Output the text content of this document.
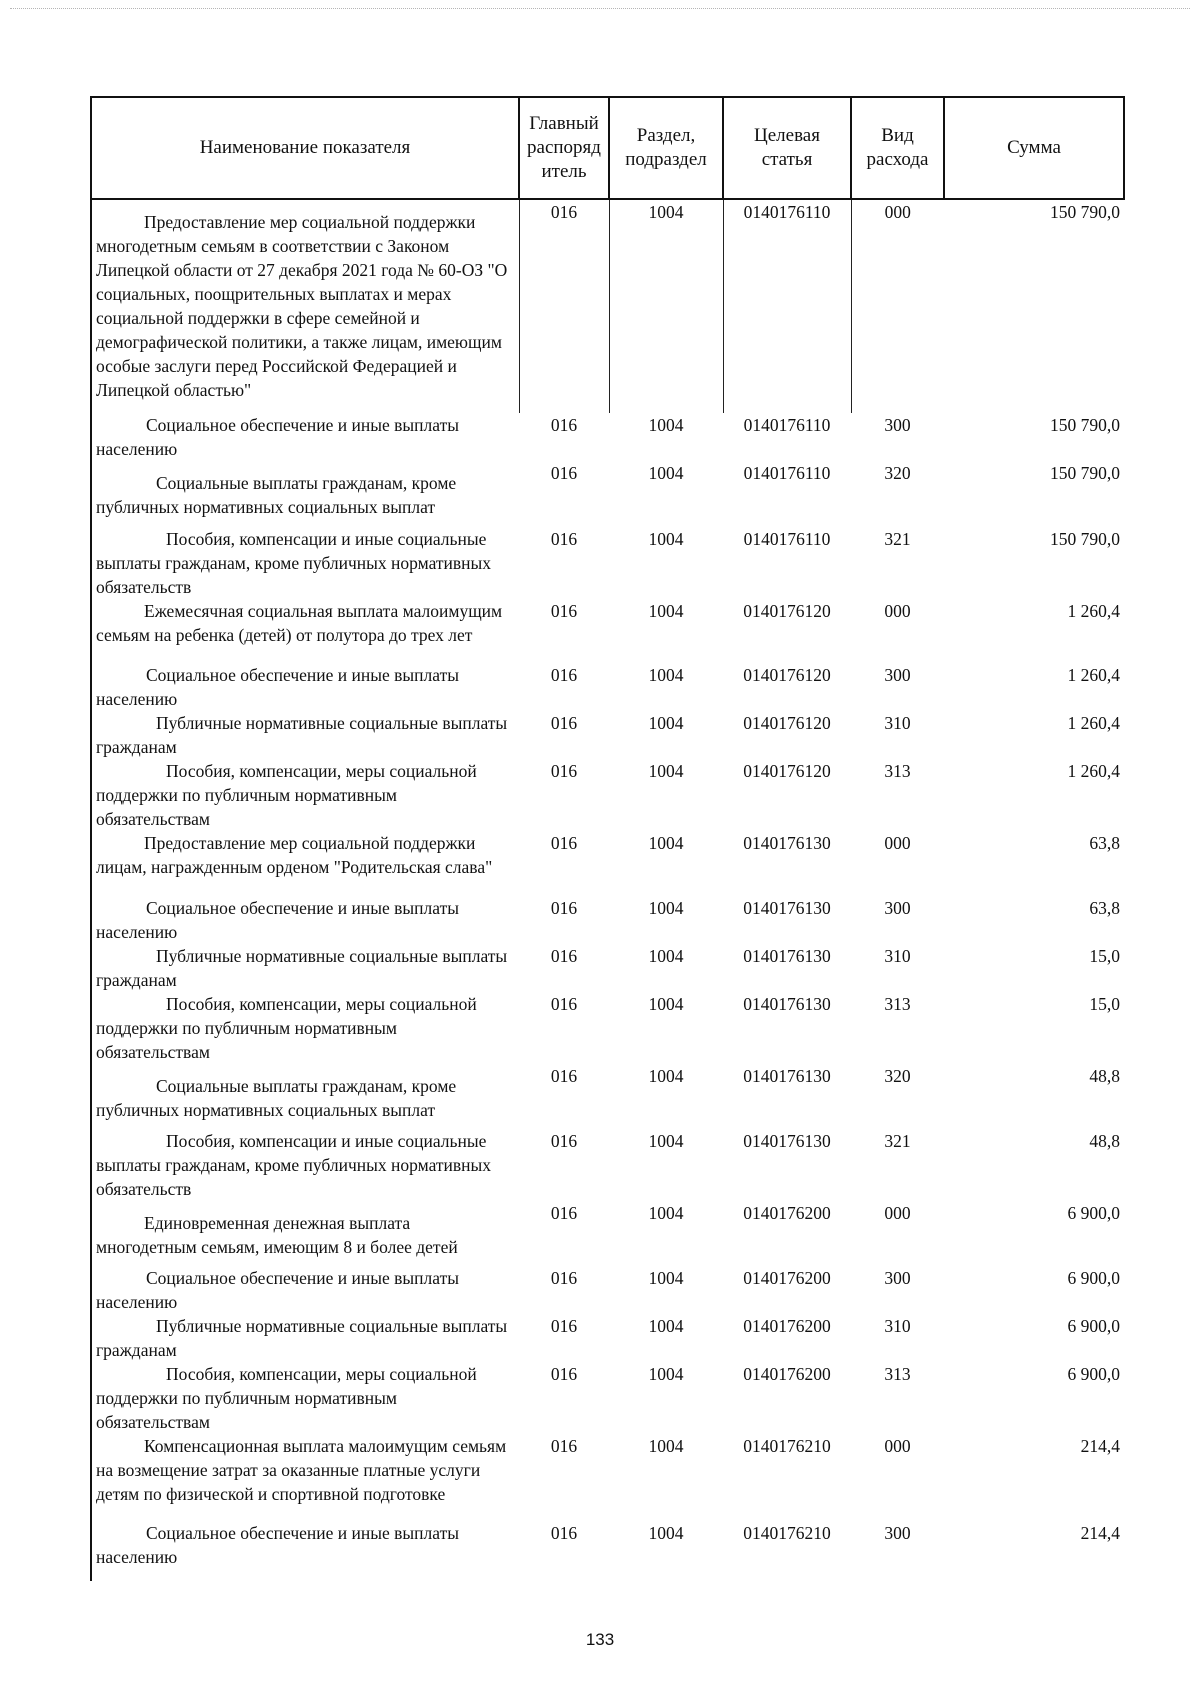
Наименование показателя	Главный распоряд итель	Раздел, подраздел	Целевая статья	Вид расхода	Сумма

Предоставление мер социальной поддержки многодетным семьям в соответствии с Законом Липецкой области от 27 декабря 2021 года № 60-ОЗ "О социальных, поощрительных выплатах и мерах социальной поддержки в сфере семейной и демографической политики, а также лицам, имеющим особые заслуги перед Российской Федерацией и Липецкой областью"	016	1004	0140176110	000	150 790,0

Социальное обеспечение и иные выплаты населению	016	1004	0140176110	300	150 790,0

Социальные выплаты гражданам, кроме публичных нормативных социальных выплат	016	1004	0140176110	320	150 790,0

Пособия, компенсации и иные социальные выплаты гражданам, кроме публичных нормативных обязательств	016	1004	0140176110	321	150 790,0

Ежемесячная социальная выплата малоимущим семьям на ребенка (детей) от полутора до трех лет	016	1004	0140176120	000	1 260,4

Социальное обеспечение и иные выплаты населению	016	1004	0140176120	300	1 260,4

Публичные нормативные социальные выплаты гражданам	016	1004	0140176120	310	1 260,4

Пособия, компенсации, меры социальной поддержки по публичным нормативным обязательствам	016	1004	0140176120	313	1 260,4

Предоставление мер социальной поддержки лицам, награжденным орденом "Родительская слава"	016	1004	0140176130	000	63,8

Социальное обеспечение и иные выплаты населению	016	1004	0140176130	300	63,8

Публичные нормативные социальные выплаты гражданам	016	1004	0140176130	310	15,0

Пособия, компенсации, меры социальной поддержки по публичным нормативным обязательствам	016	1004	0140176130	313	15,0

Социальные выплаты гражданам, кроме публичных нормативных социальных выплат	016	1004	0140176130	320	48,8

Пособия, компенсации и иные социальные выплаты гражданам, кроме публичных нормативных обязательств	016	1004	0140176130	321	48,8

Единовременная денежная выплата многодетным семьям, имеющим 8 и более детей	016	1004	0140176200	000	6 900,0

Социальное обеспечение и иные выплаты населению	016	1004	0140176200	300	6 900,0

Публичные нормативные социальные выплаты гражданам	016	1004	0140176200	310	6 900,0

Пособия, компенсации, меры социальной поддержки по публичным нормативным обязательствам	016	1004	0140176200	313	6 900,0

Компенсационная выплата малоимущим семьям на возмещение затрат за оказанные платные услуги детям по физической и спортивной подготовке	016	1004	0140176210	000	214,4

Социальное обеспечение и иные выплаты населению	016	1004	0140176210	300	214,4
133
